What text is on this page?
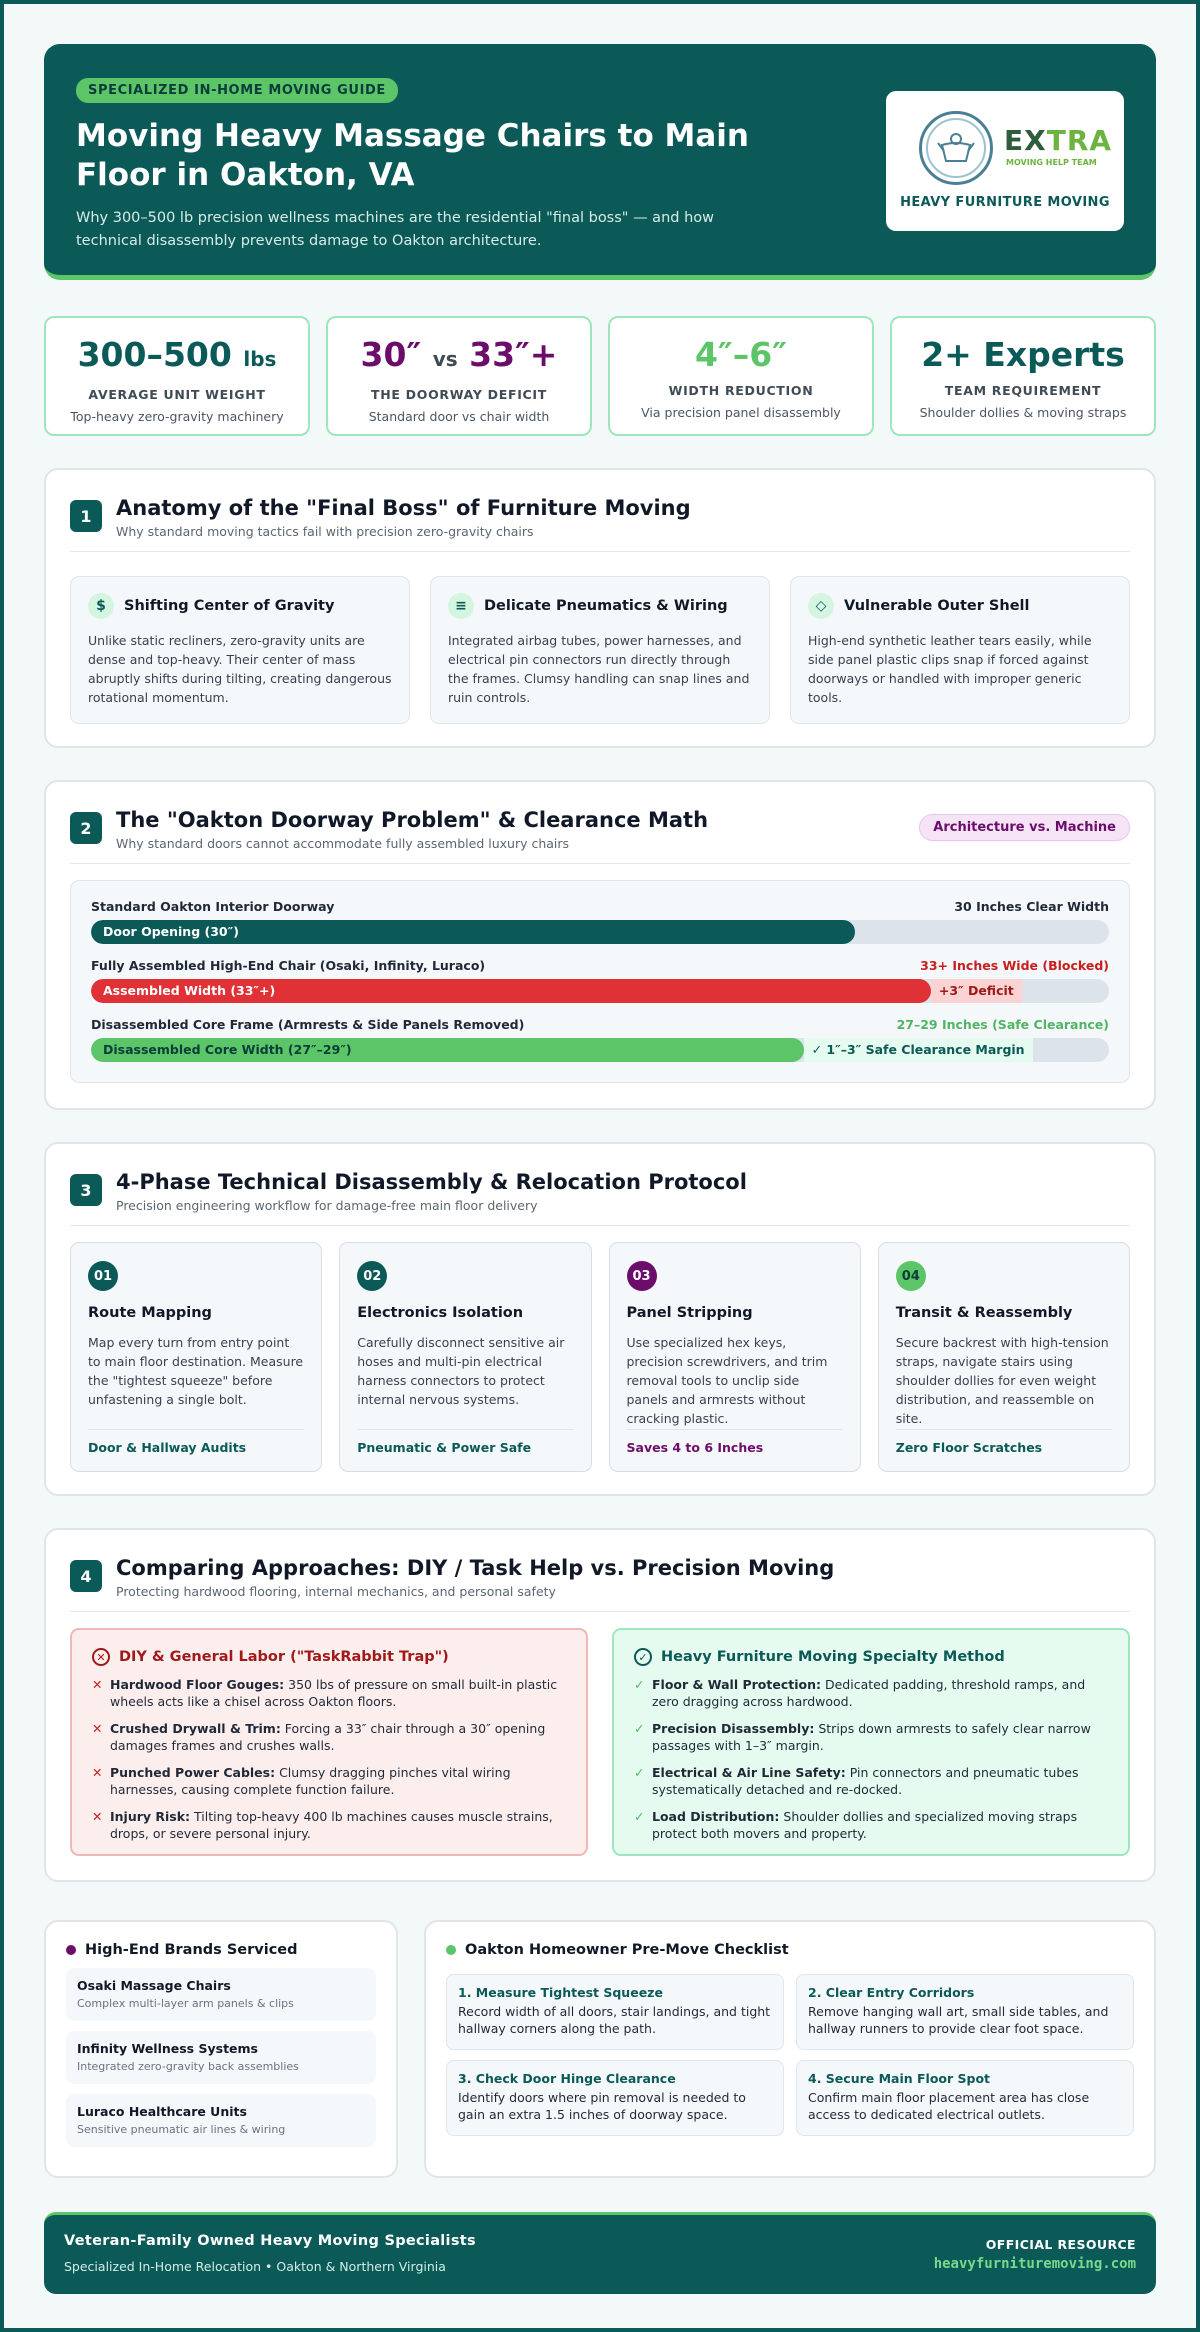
SPECIALIZED IN-HOME MOVING GUIDE
Moving Heavy Massage Chairs to Main Floor in Oakton, VA

Why 300–500 lb precision wellness machines are the residential "final boss" — and how technical disassembly prevents damage to Oakton architecture.

EXTRA
MOVING HELP TEAM
HEAVY FURNITURE MOVING
300–500 lbs
AVERAGE UNIT WEIGHT
Top-heavy zero-gravity machinery
30″ vs 33″+
THE DOORWAY DEFICIT
Standard door vs chair width
4″–6″
WIDTH REDUCTION
Via precision panel disassembly
2+ Experts
TEAM REQUIREMENT
Shoulder dollies & moving straps
1	Anatomy of the "Final Boss" of Furniture Moving
Why standard moving tactics fail with precision zero-gravity chairs
$	Shifting Center of Gravity
Unlike static recliners, zero-gravity units are dense and top-heavy. Their center of mass abruptly shifts during tilting, creating dangerous rotational momentum.
≡	Delicate Pneumatics & Wiring
Integrated airbag tubes, power harnesses, and electrical pin connectors run directly through the frames. Clumsy handling can snap lines and ruin controls.
◇	Vulnerable Outer Shell
High-end synthetic leather tears easily, while side panel plastic clips snap if forced against doorways or handled with improper generic tools.
2	The "Oakton Doorway Problem" & Clearance Math
Why standard doors cannot accommodate fully assembled luxury chairs
Architecture vs. Machine
Standard Oakton Interior Doorway	30 Inches Clear Width
Door Opening (30″)
Fully Assembled High-End Chair (Osaki, Infinity, Luraco)	33+ Inches Wide (Blocked)
Assembled Width (33″+)	+3″ Deficit
Disassembled Core Frame (Armrests & Side Panels Removed)	27–29 Inches (Safe Clearance)
Disassembled Core Width (27″–29″)	✓ 1″–3″ Safe Clearance Margin
3	4-Phase Technical Disassembly & Relocation Protocol
Precision engineering workflow for damage-free main floor delivery
01
Route Mapping
Map every turn from entry point to main floor destination. Measure the "tightest squeeze" before unfastening a single bolt.
Door & Hallway Audits
02
Electronics Isolation
Carefully disconnect sensitive air hoses and multi-pin electrical harness connectors to protect internal nervous systems.
Pneumatic & Power Safe
03
Panel Stripping
Use specialized hex keys, precision screwdrivers, and trim removal tools to unclip side panels and armrests without cracking plastic.
Saves 4 to 6 Inches
04
Transit & Reassembly
Secure backrest with high-tension straps, navigate stairs using shoulder dollies for even weight distribution, and reassemble on site.
Zero Floor Scratches
4	Comparing Approaches: DIY / Task Help vs. Precision Moving
Protecting hardwood flooring, internal mechanics, and personal safety
✕ DIY & General Labor ("TaskRabbit Trap")
✕ Hardwood Floor Gouges: 350 lbs of pressure on small built-in plastic wheels acts like a chisel across Oakton floors.
✕ Crushed Drywall & Trim: Forcing a 33″ chair through a 30″ opening damages frames and crushes walls.
✕ Punched Power Cables: Clumsy dragging pinches vital wiring harnesses, causing complete function failure.
✕ Injury Risk: Tilting top-heavy 400 lb machines causes muscle strains, drops, or severe personal injury.
✓ Heavy Furniture Moving Specialty Method
✓ Floor & Wall Protection: Dedicated padding, threshold ramps, and zero dragging across hardwood.
✓ Precision Disassembly: Strips down armrests to safely clear narrow passages with 1–3″ margin.
✓ Electrical & Air Line Safety: Pin connectors and pneumatic tubes systematically detached and re-docked.
✓ Load Distribution: Shoulder dollies and specialized moving straps protect both movers and property.
High-End Brands Serviced
Osaki Massage Chairs
Complex multi-layer arm panels & clips
Infinity Wellness Systems
Integrated zero-gravity back assemblies
Luraco Healthcare Units
Sensitive pneumatic air lines & wiring
Oakton Homeowner Pre-Move Checklist
1. Measure Tightest Squeeze
Record width of all doors, stair landings, and tight hallway corners along the path.
2. Clear Entry Corridors
Remove hanging wall art, small side tables, and hallway runners to provide clear foot space.
3. Check Door Hinge Clearance
Identify doors where pin removal is needed to gain an extra 1.5 inches of doorway space.
4. Secure Main Floor Spot
Confirm main floor placement area has close access to dedicated electrical outlets.
Veteran-Family Owned Heavy Moving Specialists
Specialized In-Home Relocation • Oakton & Northern Virginia
OFFICIAL RESOURCE
heavyfurnituremoving.com
